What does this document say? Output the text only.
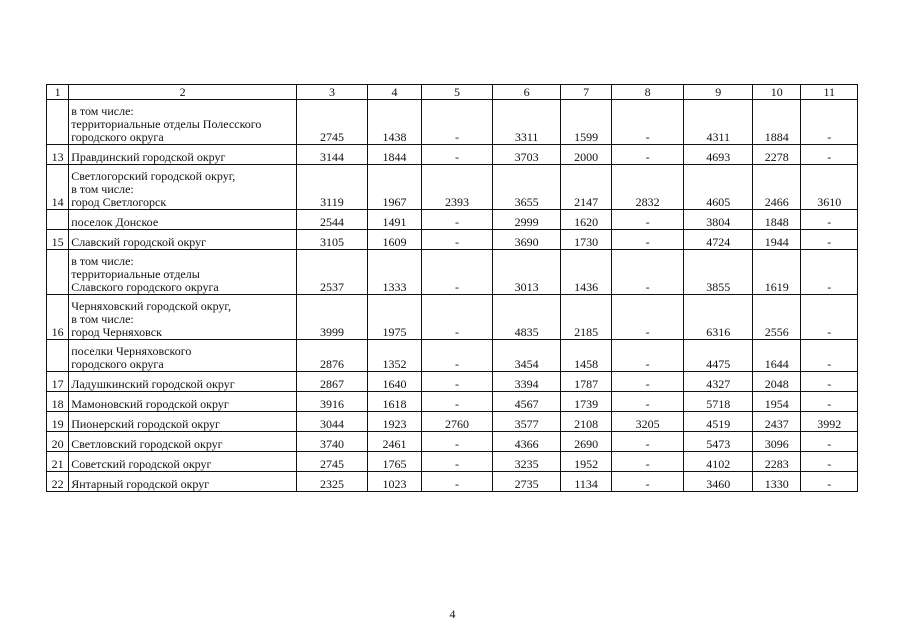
1	2	3	4	5	6	7	8	9	10	11

	в том числе:
территориальные отделы Полесского
городского округа	2745	1438	-	3311	1599	-	4311	1884	-
13	Правдинский городской округ	3144	1844	-	3703	2000	-	4693	2278	-
14	Светлогорский городской округ,
в том числе:
город Светлогорск	3119	1967	2393	3655	2147	2832	4605	2466	3610

	поселок Донское	2544	1491	-	2999	1620	-	3804	1848	-
15	Славский городской округ	3105	1609	-	3690	1730	-	4724	1944	-

	в том числе:
территориальные отделы
Славского городского округа	2537	1333	-	3013	1436	-	3855	1619	-
16	Черняховский городской округ,
в том числе:
город Черняховск	3999	1975	-	4835	2185	-	6316	2556	-

	поселки Черняховского
городского округа	2876	1352	-	3454	1458	-	4475	1644	-
17	Ладушкинский городской округ	2867	1640	-	3394	1787	-	4327	2048	-
18	Мамоновский городской округ	3916	1618	-	4567	1739	-	5718	1954	-
19	Пионерский городской округ	3044	1923	2760	3577	2108	3205	4519	2437	3992
20	Светловский городской округ	3740	2461	-	4366	2690	-	5473	3096	-
21	Советский городской округ	2745	1765	-	3235	1952	-	4102	2283	-
22	Янтарный городской округ	2325	1023	-	2735	1134	-	3460	1330	-
4
